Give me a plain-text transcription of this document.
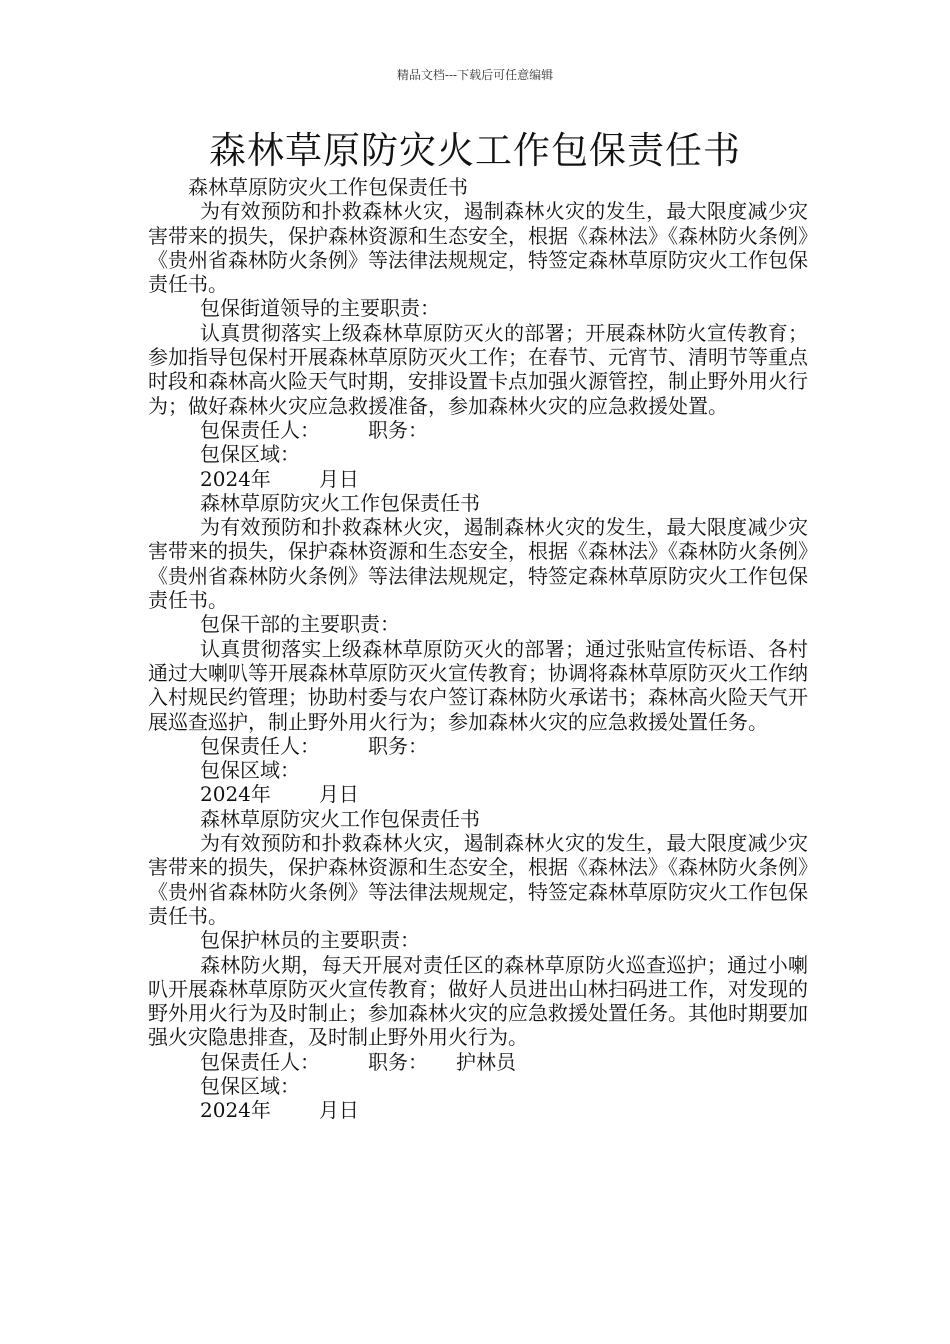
精品文档---下载后可任意编辑
森林草原防灾火工作包保责任书

森林草原防灾火工作包保责任书

为有效预防和扑救森林火灾，遏制森林火灾的发生，最大限度减少灾害带来的损失，保护森林资源和生态安全，根据《森林法》《森林防火条例》《贵州省森林防火条例》等法律法规规定，特签定森林草原防灾火工作包保责任书。

包保街道领导的主要职责：

认真贯彻落实上级森林草原防灭火的部署；开展森林防火宣传教育；参加指导包保村开展森林草原防灭火工作；在春节、元宵节、清明节等重点时段和森林高火险天气时期，安排设置卡点加强火源管控，制止野外用火行为；做好森林火灾应急救援准备，参加森林火灾的应急救援处置。

包保责任人： 职务：

包保区域：

2024年 月日

森林草原防灾火工作包保责任书

为有效预防和扑救森林火灾，遏制森林火灾的发生，最大限度减少灾害带来的损失，保护森林资源和生态安全，根据《森林法》《森林防火条例》《贵州省森林防火条例》等法律法规规定，特签定森林草原防灾火工作包保责任书。

包保干部的主要职责：

认真贯彻落实上级森林草原防灭火的部署；通过张贴宣传标语、各村通过大喇叭等开展森林草原防灭火宣传教育；协调将森林草原防灭火工作纳入村规民约管理；协助村委与农户签订森林防火承诺书；森林高火险天气开展巡查巡护，制止野外用火行为；参加森林火灾的应急救援处置任务。

包保责任人： 职务：

包保区域：

2024年 月日

森林草原防灾火工作包保责任书

为有效预防和扑救森林火灾，遏制森林火灾的发生，最大限度减少灾害带来的损失，保护森林资源和生态安全，根据《森林法》《森林防火条例》《贵州省森林防火条例》等法律法规规定，特签定森林草原防灾火工作包保责任书。

包保护林员的主要职责：

森林防火期，每天开展对责任区的森林草原防火巡查巡护；通过小喇叭开展森林草原防灭火宣传教育；做好人员进出山林扫码进工作，对发现的野外用火行为及时制止；参加森林火灾的应急救援处置任务。其他时期要加强火灾隐患排查，及时制止野外用火行为。

包保责任人： 职务： 护林员

包保区域：

2024年 月日
